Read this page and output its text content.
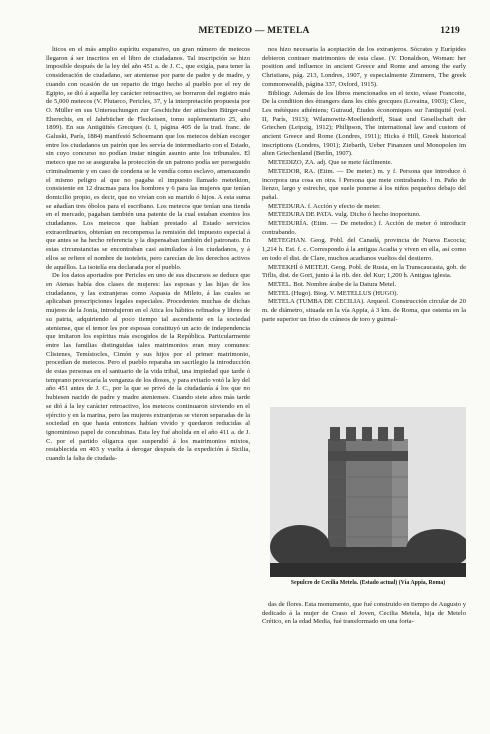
METEDIZO — METELA	1219

lticos en el más amplio espíritu expansivo, un gran número de metecos llegaron á ser inscritos en el libro de ciudadanos. Tal inscripción se hizo imposible después de la ley del año 451 a. de J. C., que exigía, para tener la consideración de ciudadano, ser ateniense por parte de padre y de madre, y cuando con ocasión de un reparto de trigo hecho al pueblo por el rey de Egipto, se dió á aquella ley carácter retroactivo, se borraron del registro más de 5,000 metecos (V. Plutarco, Pericles, 37, y la interpretación propuesta por O. Müller en sus Untersuchungen zur Geschichte der attischen Bürger-und Eherechts, en el Jahrbücher de Fleckeisen, tomo suplementario 25, año 1899). En sus Antigüités Grecques (t. I, página 405 de la trad. franc. de Galuski, París, 1884) manifestó Schoemann que los metecos debían escoger entre los ciudadanos un patrón que les servía de intermediario con el Estado, sin cuyo concurso no podían instar ningún asunto ante los tribunales. El meteco que no se aseguraba la protección de un patrono podía ser perseguido criminalmente y en caso de condena se le vendía como esclavo, amenazando el mismo peligro al que no pagaba el impuesto llamado meteikion, consistente en 12 dracmas para los hombres y 6 para las mujeres que tenían domicilio propio, es decir, que no vivían con su marido ó hijos. A esta suma se añadían tres óbolos para el escribano. Los metecos que tenían una tienda en el mercado, pagaban también una patente de la cual estaban exentos los ciudadanos. Los metecos que habían prestado al Estado servicios extraordinarios, obtenían en recompensa la remisión del impuesto especial á que antes se ha hecho referencia y la dispensaban también del patronato. En estas circunstancias se encontraban casi asimilados á los ciudadanos, y á ellos se refiere el nombre de isotelets, pero carecían de los derechos activos de aquéllos. La isotelía era declarada por el pueblo.

De los datos aportados por Pericles en uno de sus discursos se deduce que en Atenas había dos clases de mujeres: las esposas y las hijas de los ciudadanos, y las extranjeras como Aspasia de Mileto, á las cuales se aplicaban prescripciones legales especiales. Procedentes muchas de dichas mujeres de la Jonia, introdujeron en el Atica los hábitos refinados y libres de su patria, adquiriendo al poco tiempo tal ascendiente en la sociedad ateniense, que el temor les por esposas constituyó un acto de independencia que imitaron los espíritus más escogidos de la República. Particularmente entre las familias distinguidas tales matrimonios eran muy comunes: Clistenes, Temístocles, Cimón y sus hijos por el primer matrimonio, procedían de metecos. Pero el pueblo reparaba un sacrilegio la introducción de estas personas en el santuario de la vida tribal, una impiedad que tarde ó temprano provocaría la venganza de los dioses, y para evitarlo votó la ley del año 451 antes de J. C., por la que se privó de la ciudadanía á los que no hubiesen nacido de padre y madre atenienses. Cuando siete años más tarde se dió á la ley carácter retroactivo, los metecos continuaron sirviendo en el ejército y en la marina, pero las mujeres extranjeras se vieron separadas de la sociedad en que hasta entonces habían vivido y quedaron reducidas al ignominioso papel de concubinas. Esta ley fué abolida en el año 411 a. de J. C. por el partido oligarca que suspendió á los matrimonios mixtos, restablecida en 403 y vuelta á derogar después de la expedición á Sicilia, cuando la falta de ciudada-

nos hizo necesaria la aceptación de los extranjeros. Sócrates y Eurípides debieron contraer matrimonios de esta clase. (V. Donaldson, Woman: her position and influence in ancient Greece and Rome and among the early Christians, pág. 213, Londres, 1907, y especialmente Zimmern, The greek commonwealth, página 337, Oxford, 1915).

Bibliogr. Además de los libros mencionados en el texto, véase Francotte, De la condition des étrangers dans les cités grecques (Lovaina, 1903); Clerc, Les métèques athéniens; Guiraud, Études économiques sur l'antiquité (vol. II, París, 1913); Wilamowitz-Moellendorff, Staat und Gesellschaft der Griechen (Leipzig, 1912); Philipson, The international law and custom of ancient Greece and Rome (Londres, 1911); Hicks é Hill, Greek historical inscriptions (Londres, 1901); Ziebarth, Ueber Finanzen und Monopolen im alten Griechenland (Berlín, 1907).

METEDIZO, ZA. adj. Que se mete fácilmente.

METEDOR, RA. (Etim. — De meter.) m. y f. Persona que introduce ó incorpora una cosa en otra. ‖ Persona que mete contrabando. ‖ m. Paño de lienzo, largo y estrecho, que suele ponerse á los niños pequeños debajo del pañal.

METEDURA. f. Acción y efecto de meter.

METEDURA DE PATA. vulg. Dicho ó hecho inoportuno.

METEDURÍA. (Etim. — De metedor.) f. Acción de meter ó introducir contrabando.

METEGHAN. Geog. Pobl. del Canadá, provincia de Nueva Escocia; 1,214 h. Est. f. c. Correspondo á la antigua Acadia y viven en ella, así como en todo el dist. de Clare, muchos acadianos vueltos del destierro.

METEKHÍ ó METEJI. Geog. Pobl. de Rusia, en la Transcaucasia, gob. de Tiflis, dist. de Gori, junto á la rib. der. del Kur; 1,200 h. Antigua iglesia.

METEL. Bot. Nombre árabe de la Datura Metel.

METEL (Hugo). Biog. V. METELLUS (HUGO).

METELA (TUMBA DE CECILIA). Arqueol. Construcción circular de 20 m. de diámetro, situada en la vía Appia, á 3 km. de Roma, que ostenta en la parte superior un friso de cráneos de toro y guirnal-

Sepulcro de Cecilia Metela. (Estado actual) (Vía Appia, Roma)

das de flores. Esta monumento, que fué construido en tiempo de Augusto y dedicado á la mujer de Craso el Joven, Cecilia Metela, hija de Metelo Crético, en la edad Media, fué transformado en una forta-
